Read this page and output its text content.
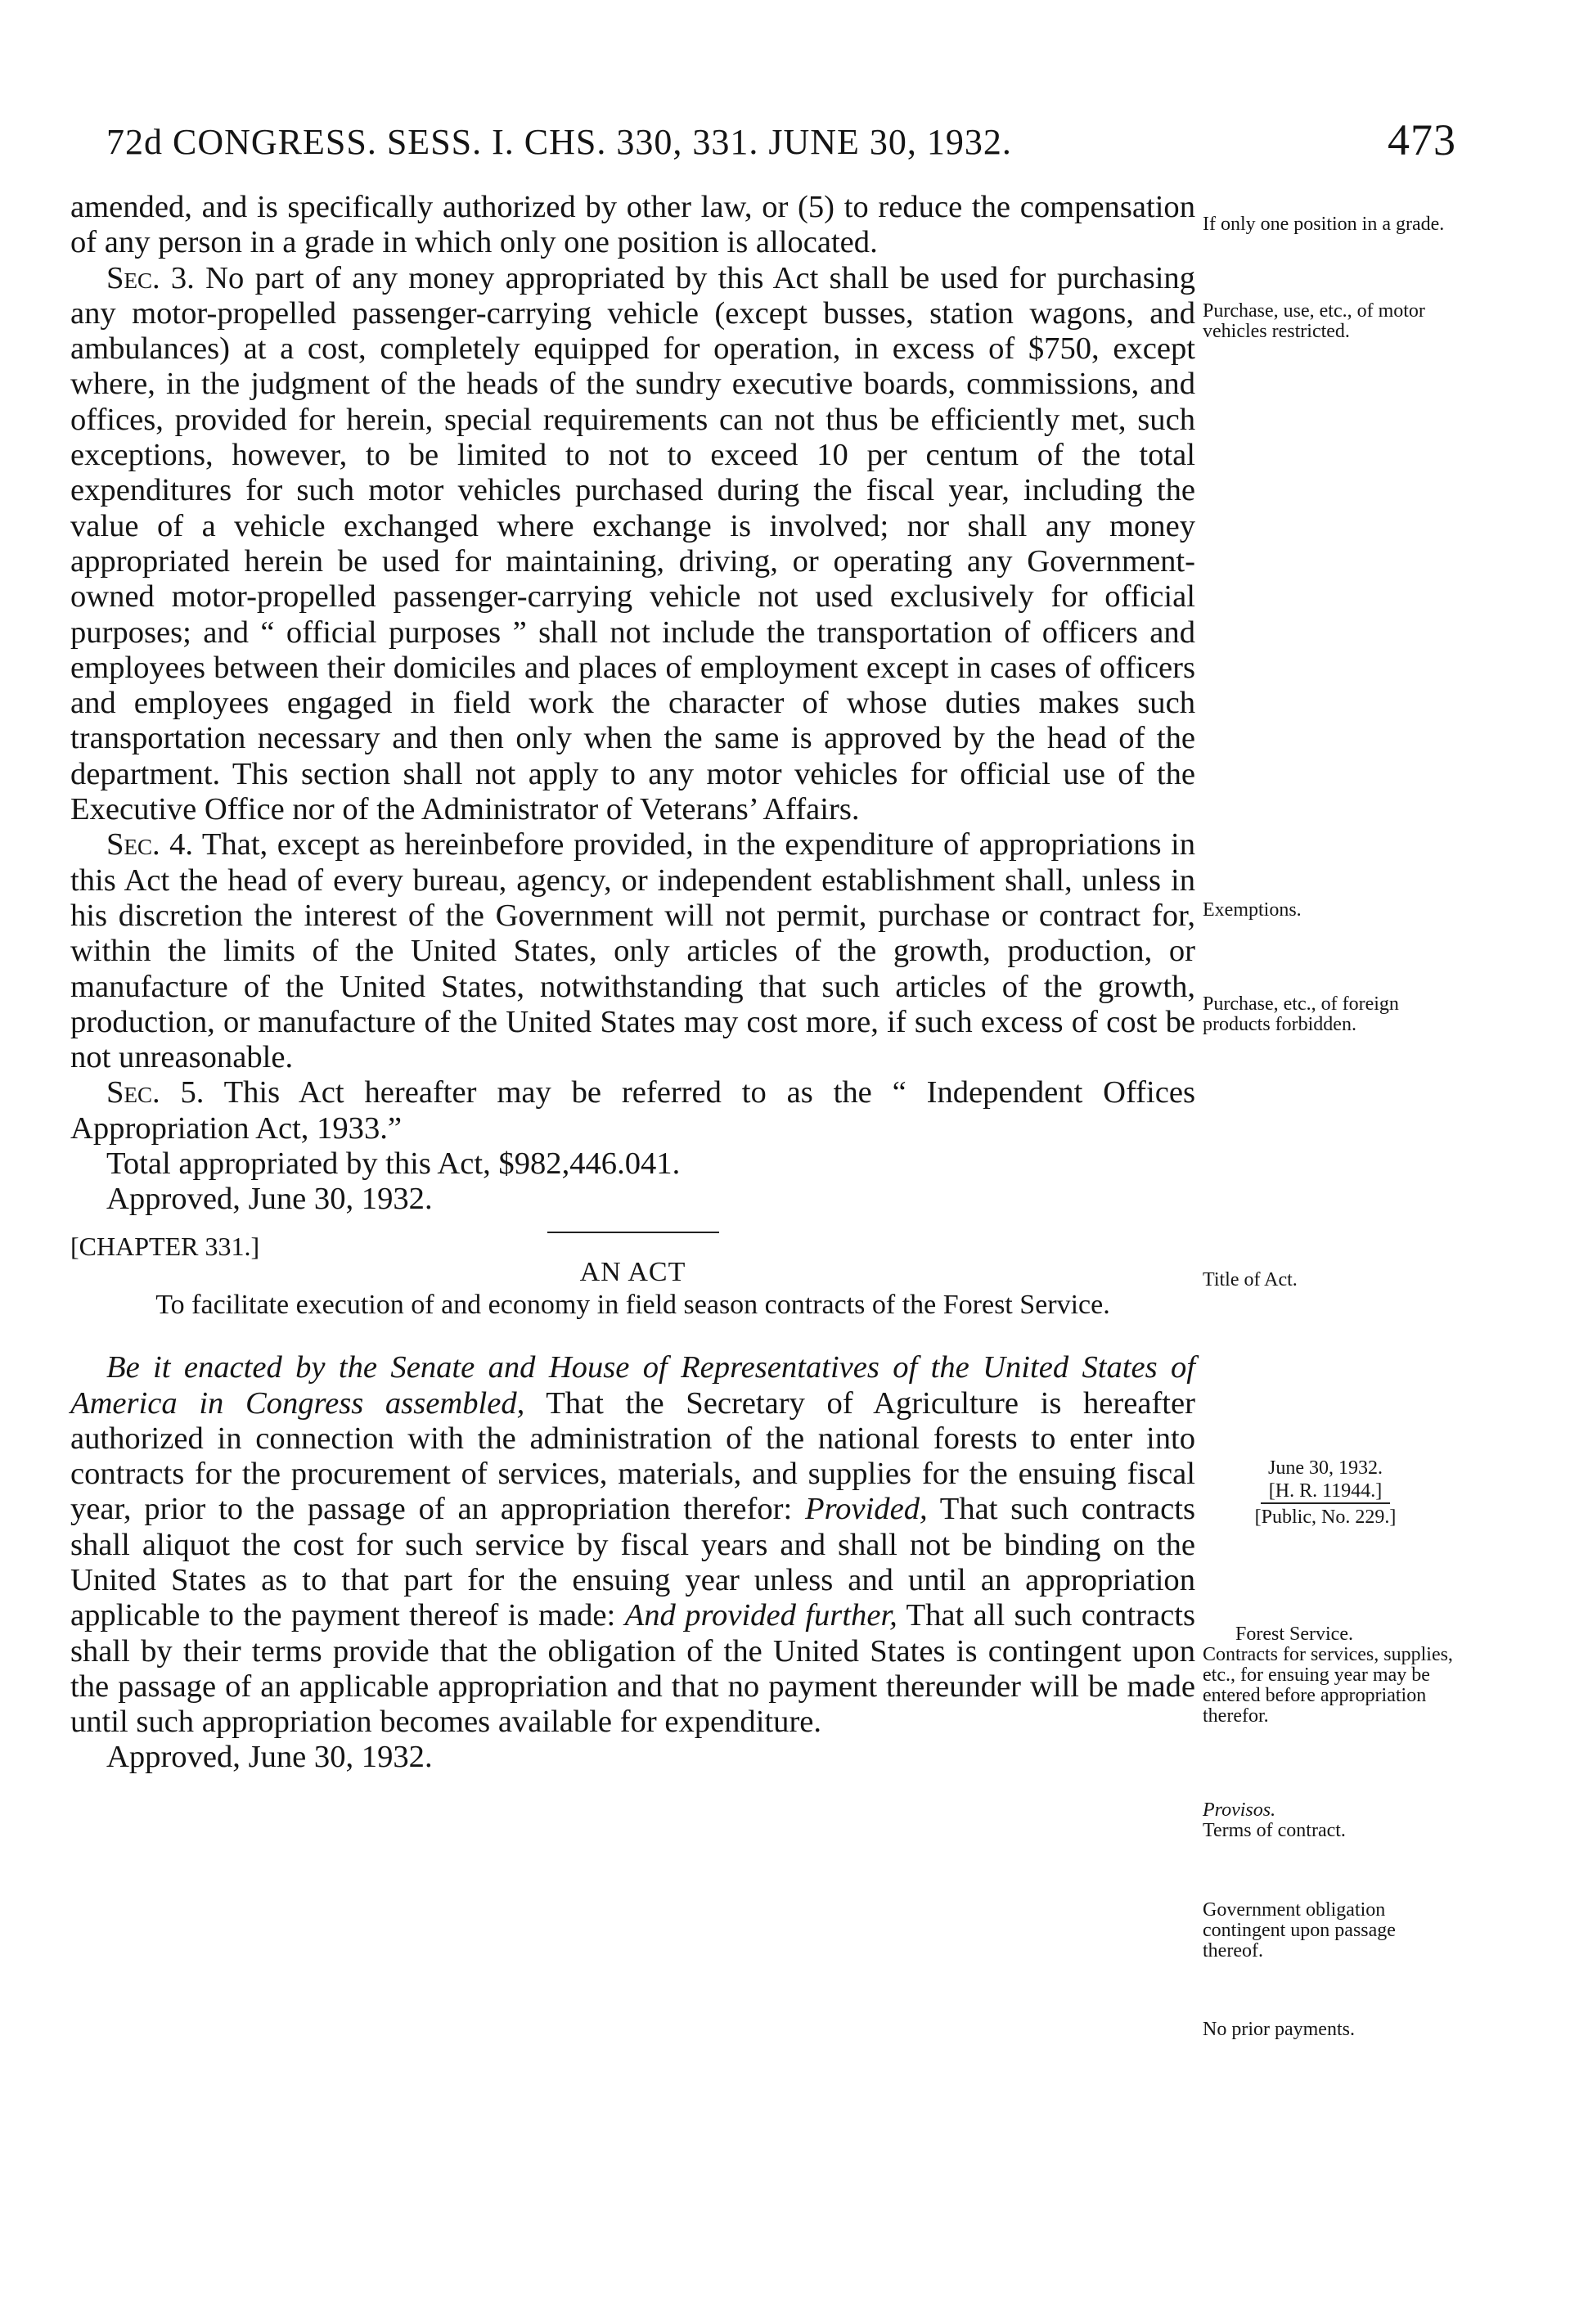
72d CONGRESS. SESS. I. CHS. 330, 331. JUNE 30, 1932.	473

amended, and is specifically authorized by other law, or (5) to reduce the compensation of any person in a grade in which only one position is allocated.

Sec. 3. No part of any money appropriated by this Act shall be used for purchasing any motor-propelled passenger-carrying vehicle (except busses, station wagons, and ambulances) at a cost, completely equipped for operation, in excess of $750, except where, in the judgment of the heads of the sundry executive boards, commissions, and offices, provided for herein, special requirements can not thus be efficiently met, such exceptions, however, to be limited to not to exceed 10 per centum of the total expenditures for such motor vehicles purchased during the fiscal year, including the value of a vehicle exchanged where exchange is involved; nor shall any money appropriated herein be used for maintaining, driving, or operating any Government-owned motor-propelled passenger-carrying vehicle not used exclusively for official purposes; and “ official purposes ” shall not include the transportation of officers and employees between their domiciles and places of employment except in cases of officers and employees engaged in field work the character of whose duties makes such transportation necessary and then only when the same is approved by the head of the department. This section shall not apply to any motor vehicles for official use of the Executive Office nor of the Administrator of Veterans’ Affairs.

Sec. 4. That, except as hereinbefore provided, in the expenditure of appropriations in this Act the head of every bureau, agency, or independent establishment shall, unless in his discretion the interest of the Government will not permit, purchase or contract for, within the limits of the United States, only articles of the growth, production, or manufacture of the United States, notwithstanding that such articles of the growth, production, or manufacture of the United States may cost more, if such excess of cost be not unreasonable.

Sec. 5. This Act hereafter may be referred to as the “ Independent Offices Appropriation Act, 1933.”

Total appropriated by this Act, $982,446.041.

Approved, June 30, 1932.

[CHAPTER 331.]

AN ACT

To facilitate execution of and economy in field season contracts of the Forest Service.

Be it enacted by the Senate and House of Representatives of the United States of America in Congress assembled, That the Secretary of Agriculture is hereafter authorized in connection with the administration of the national forests to enter into contracts for the procurement of services, materials, and supplies for the ensuing fiscal year, prior to the passage of an appropriation therefor: Provided, That such contracts shall aliquot the cost for such service by fiscal years and shall not be binding on the United States as to that part for the ensuing year unless and until an appropriation applicable to the payment thereof is made: And provided further, That all such contracts shall by their terms provide that the obligation of the United States is contingent upon the passage of an applicable appropriation and that no payment thereunder will be made until such appropriation becomes available for expenditure.

Approved, June 30, 1932.

If only one position in a grade.

Purchase, use, etc., of motor vehicles restricted.

Exemptions.

Purchase, etc., of foreign products forbidden.

Title of Act.

June 30, 1932.
[H. R. 11944.]
[Public, No. 229.]

Forest Service.

Contracts for services, supplies, etc., for ensuing year may be entered before appropriation therefor.

Provisos.

Terms of contract.

Government obligation contingent upon passage thereof.

No prior payments.
